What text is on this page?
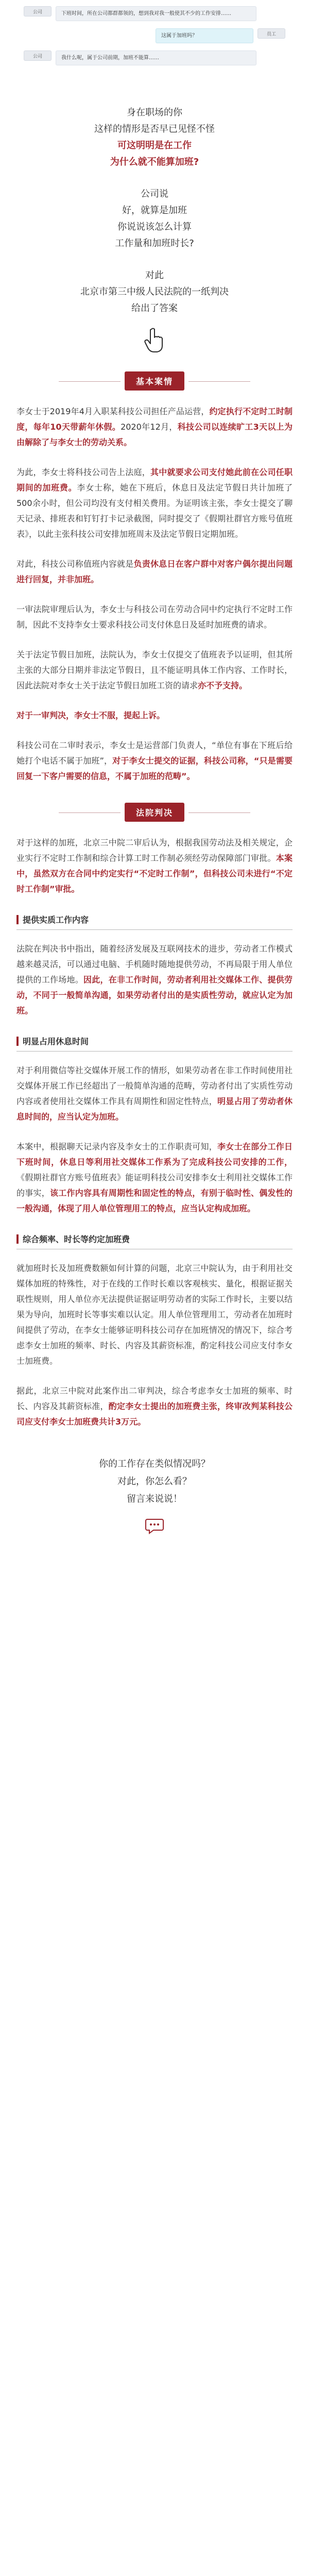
公司	下班时间，所在公司都群都领的，想到我对我一般使其不少的工作安排……
这属于加班吗？	员工
公司	我什么呢，属于公司前期，加班不能算……

身在职场的你

这样的情形是否早已见怪不怪

可这明明是在工作

为什么就不能算加班?

公司说

好，就算是加班

你说说该怎么计算

工作量和加班时长?

对此

北京市第三中级人民法院的一纸判决

给出了答案

基本案情

李女士于2019年4月入职某科技公司担任产品运营，约定执行不定时工时制度，每年10天带薪年休假。2020年12月，科技公司以连续旷工3天以上为由解除了与李女士的劳动关系。

为此，李女士将科技公司告上法庭，其中就要求公司支付她此前在公司任职期间的加班费。李女士称，她在下班后，休息日及法定节假日共计加班了500余小时，但公司均没有支付相关费用。为证明该主张，李女士提交了聊天记录、排班表和钉钉打卡记录截图，同时提交了《假期社群官方账号值班表》，以此主张科技公司安排加班周末及法定节假日定期加班。

对此，科技公司称值班内容就是负责休息日在客户群中对客户偶尔提出问题进行回复，并非加班。

一审法院审理后认为，李女士与科技公司在劳动合同中约定执行不定时工作制，因此不支持李女士要求科技公司支付休息日及延时加班费的请求。

关于法定节假日加班，法院认为，李女士仅提交了值班表予以证明，但其所主张的大部分日期并非法定节假日，且不能证明具体工作内容、工作时长，因此法院对李女士关于法定节假日加班工资的请求亦不予支持。

对于一审判决，李女士不服，提起上诉。

科技公司在二审时表示，李女士是运营部门负责人，“单位有事在下班后给她打个电话不属于加班”，对于李女士提交的证据，科技公司称，“只是需要回复一下客户需要的信息，不属于加班的范畴”。

法院判决

对于这样的加班，北京三中院二审后认为，根据我国劳动法及相关规定，企业实行不定时工作制和综合计算工时工作制必须经劳动保障部门审批。本案中，虽然双方在合同中约定实行“不定时工作制”，但科技公司未进行“不定时工作制”审批。

提供实质工作内容

法院在判决书中指出，随着经济发展及互联网技术的进步，劳动者工作模式越来越灵活，可以通过电脑、手机随时随地提供劳动，不再局限于用人单位提供的工作场地。因此，在非工作时间，劳动者利用社交媒体工作、提供劳动，不同于一般简单沟通，如果劳动者付出的是实质性劳动，就应认定为加班。

明显占用休息时间

对于利用微信等社交媒体开展工作的情形，如果劳动者在非工作时间使用社交媒体开展工作已经超出了一般简单沟通的范畴，劳动者付出了实质性劳动内容或者使用社交媒体工作具有周期性和固定性特点，明显占用了劳动者休息时间的，应当认定为加班。

本案中，根据聊天记录内容及李女士的工作职责可知，李女士在部分工作日下班时间，休息日等利用社交媒体工作系为了完成科技公司安排的工作，《假期社群官方账号值班表》能证明科技公司安排李女士利用社交媒体工作的事实，该工作内容具有周期性和固定性的特点，有别于临时性、偶发性的一般沟通，体现了用人单位管理用工的特点，应当认定构成加班。

综合频率、时长等约定加班费

就加班时长及加班费数额如何计算的问题，北京三中院认为，由于利用社交媒体加班的特殊性，对于在线的工作时长难以客观核实、量化，根据证据关联性规则，用人单位亦无法提供证据证明劳动者的实际工作时长，主要以结果为导向，加班时长等事实难以认定。用人单位管理用工，劳动者在加班时间提供了劳动，在李女士能够证明科技公司存在加班情况的情况下，综合考虑李女士加班的频率、时长、内容及其薪资标准，酌定科技公司应支付李女士加班费。

据此，北京三中院对此案作出二审判决，综合考虑李女士加班的频率、时长、内容及其薪资标准，酌定李女士提出的加班费主张，终审改判某科技公司应支付李女士加班费共计3万元。

你的工作存在类似情况吗？

对此，你怎么看？

留言来说说！
